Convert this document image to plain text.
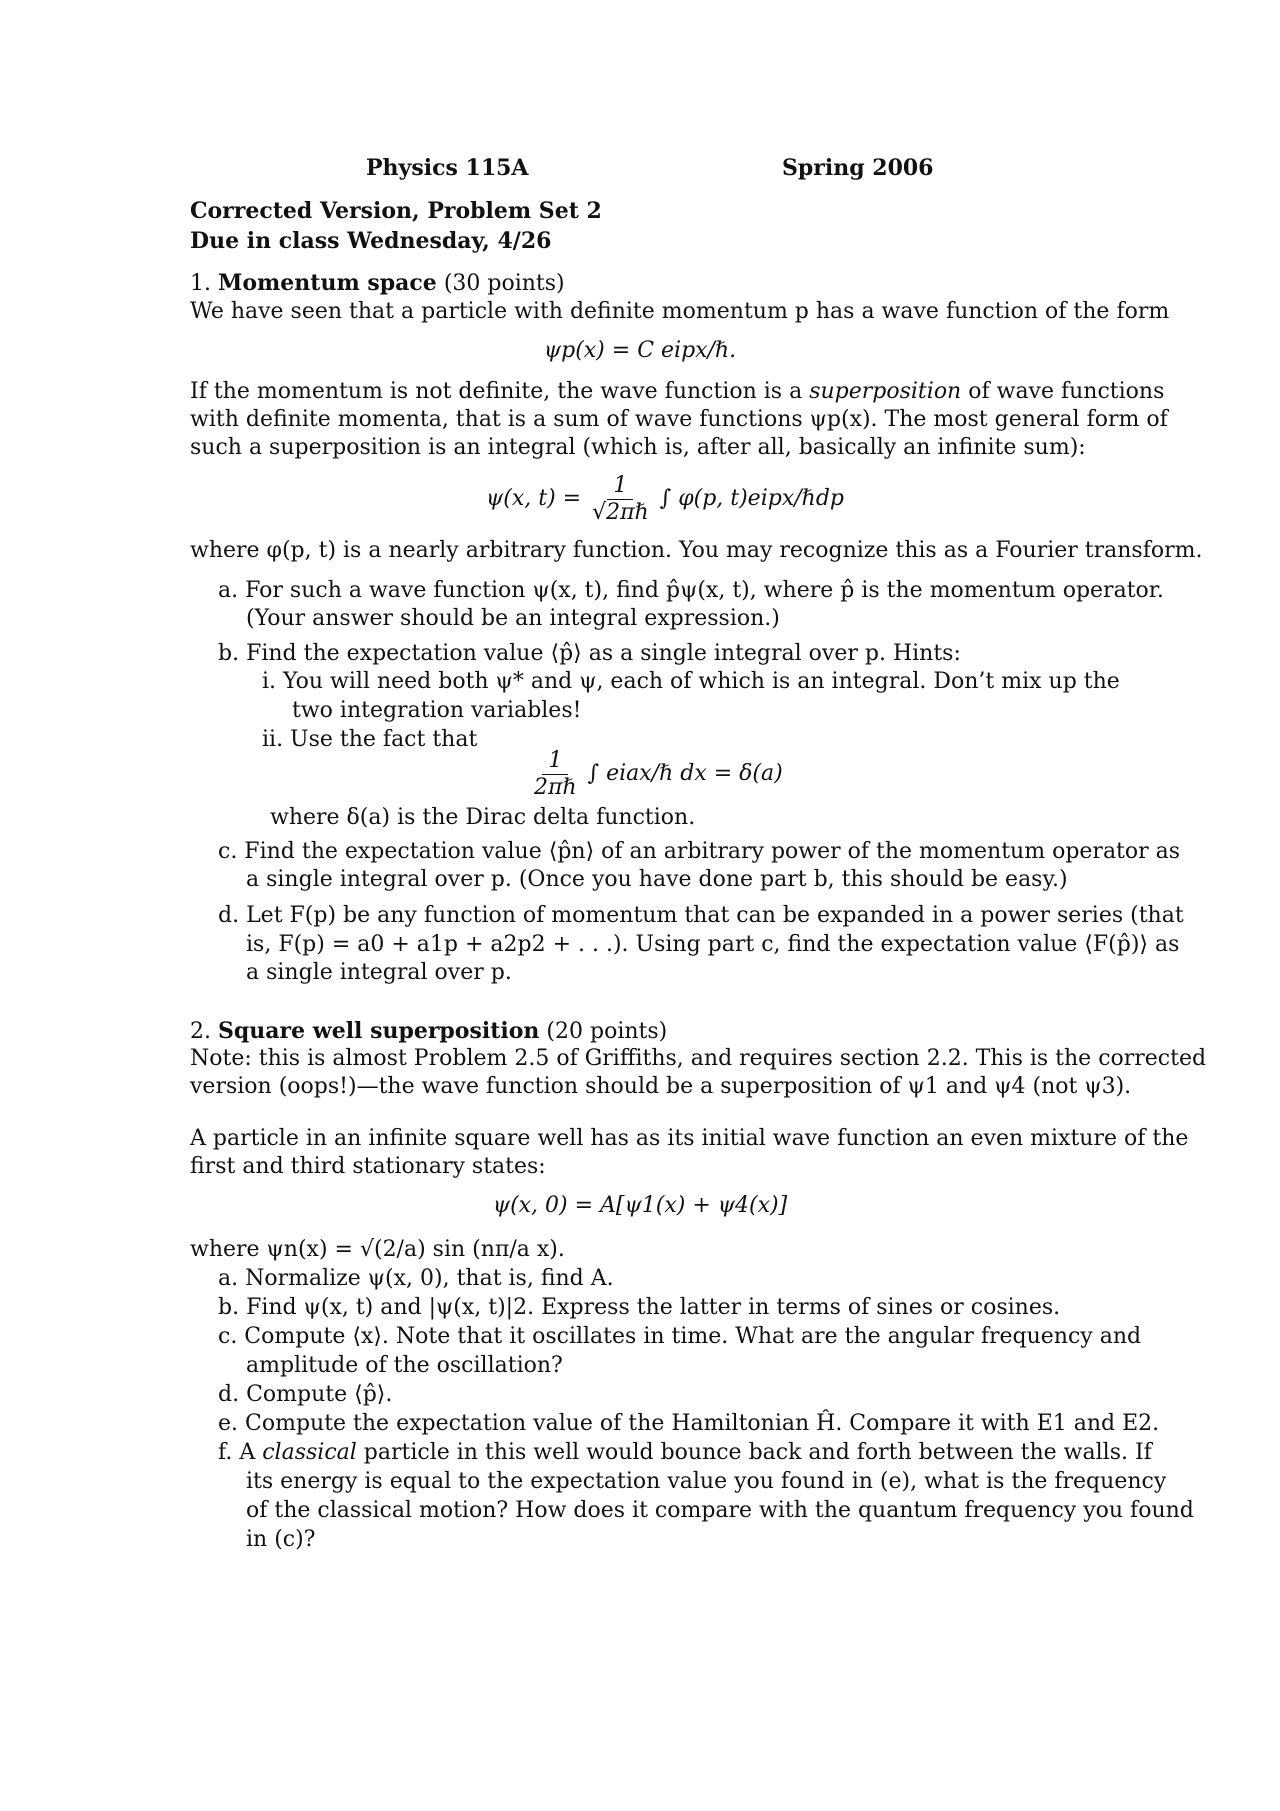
Physics 115A	Spring 2006
Corrected Version, Problem Set 2
Due in class Wednesday, 4/26
1. Momentum space (30 points)
We have seen that a particle with definite momentum p has a wave function of the form
ψp(x) = C eipx/ℏ.
If the momentum is not definite, the wave function is a superposition of wave functions
with definite momenta, that is a sum of wave functions ψp(x). The most general form of
such a superposition is an integral (which is, after all, basically an infinite sum):
ψ(x, $t) = \frac{1}{\text{√2πℏ}}$ ∫ φ(p, t)eipx/ℏdp
where φ(p, t) is a nearly arbitrary function. You may recognize this as a Fourier transform.
a. For such a wave function ψ(x, t), find p̂ψ(x, t), where p̂ is the momentum operator.
(Your answer should be an integral expression.)
b. Find the expectation value ⟨p̂⟩ as a single integral over p. Hints:
i. You will need both ψ* and ψ, each of which is an integral. Don’t mix up the
two integration variables!
ii. Use the fact that
$\frac{1}{\text{2πℏ}}$ ∫ eiax/ℏ dx = δ(a)
where δ(a) is the Dirac delta function.
c. Find the expectation value ⟨p̂n⟩ of an arbitrary power of the momentum operator as
a single integral over p. (Once you have done part b, this should be easy.)
d. Let F(p) be any function of momentum that can be expanded in a power series (that
is, F(p) = a0 + a1p + a2p2 + . . .). Using part c, find the expectation value ⟨F(p̂)⟩ as
a single integral over p.
2. Square well superposition (20 points)
Note: this is almost Problem 2.5 of Griffiths, and requires section 2.2. This is the corrected
version (oops!)—the wave function should be a superposition of ψ1 and ψ4 (not ψ3).
A particle in an infinite square well has as its initial wave function an even mixture of the
first and third stationary states:
ψ(x, 0) = A[ψ1(x) + ψ4(x)]
where ψn(x) = √(2/a) sin (nπ/a x).
a. Normalize ψ(x, 0), that is, find A.
b. Find ψ(x, t) and |ψ(x, t)|2. Express the latter in terms of sines or cosines.
c. Compute ⟨x⟩. Note that it oscillates in time. What are the angular frequency and
amplitude of the oscillation?
d. Compute ⟨p̂⟩.
e. Compute the expectation value of the Hamiltonian Ĥ. Compare it with E1 and E2.
f. A classical particle in this well would bounce back and forth between the walls. If
its energy is equal to the expectation value you found in (e), what is the frequency
of the classical motion? How does it compare with the quantum frequency you found
in (c)?
